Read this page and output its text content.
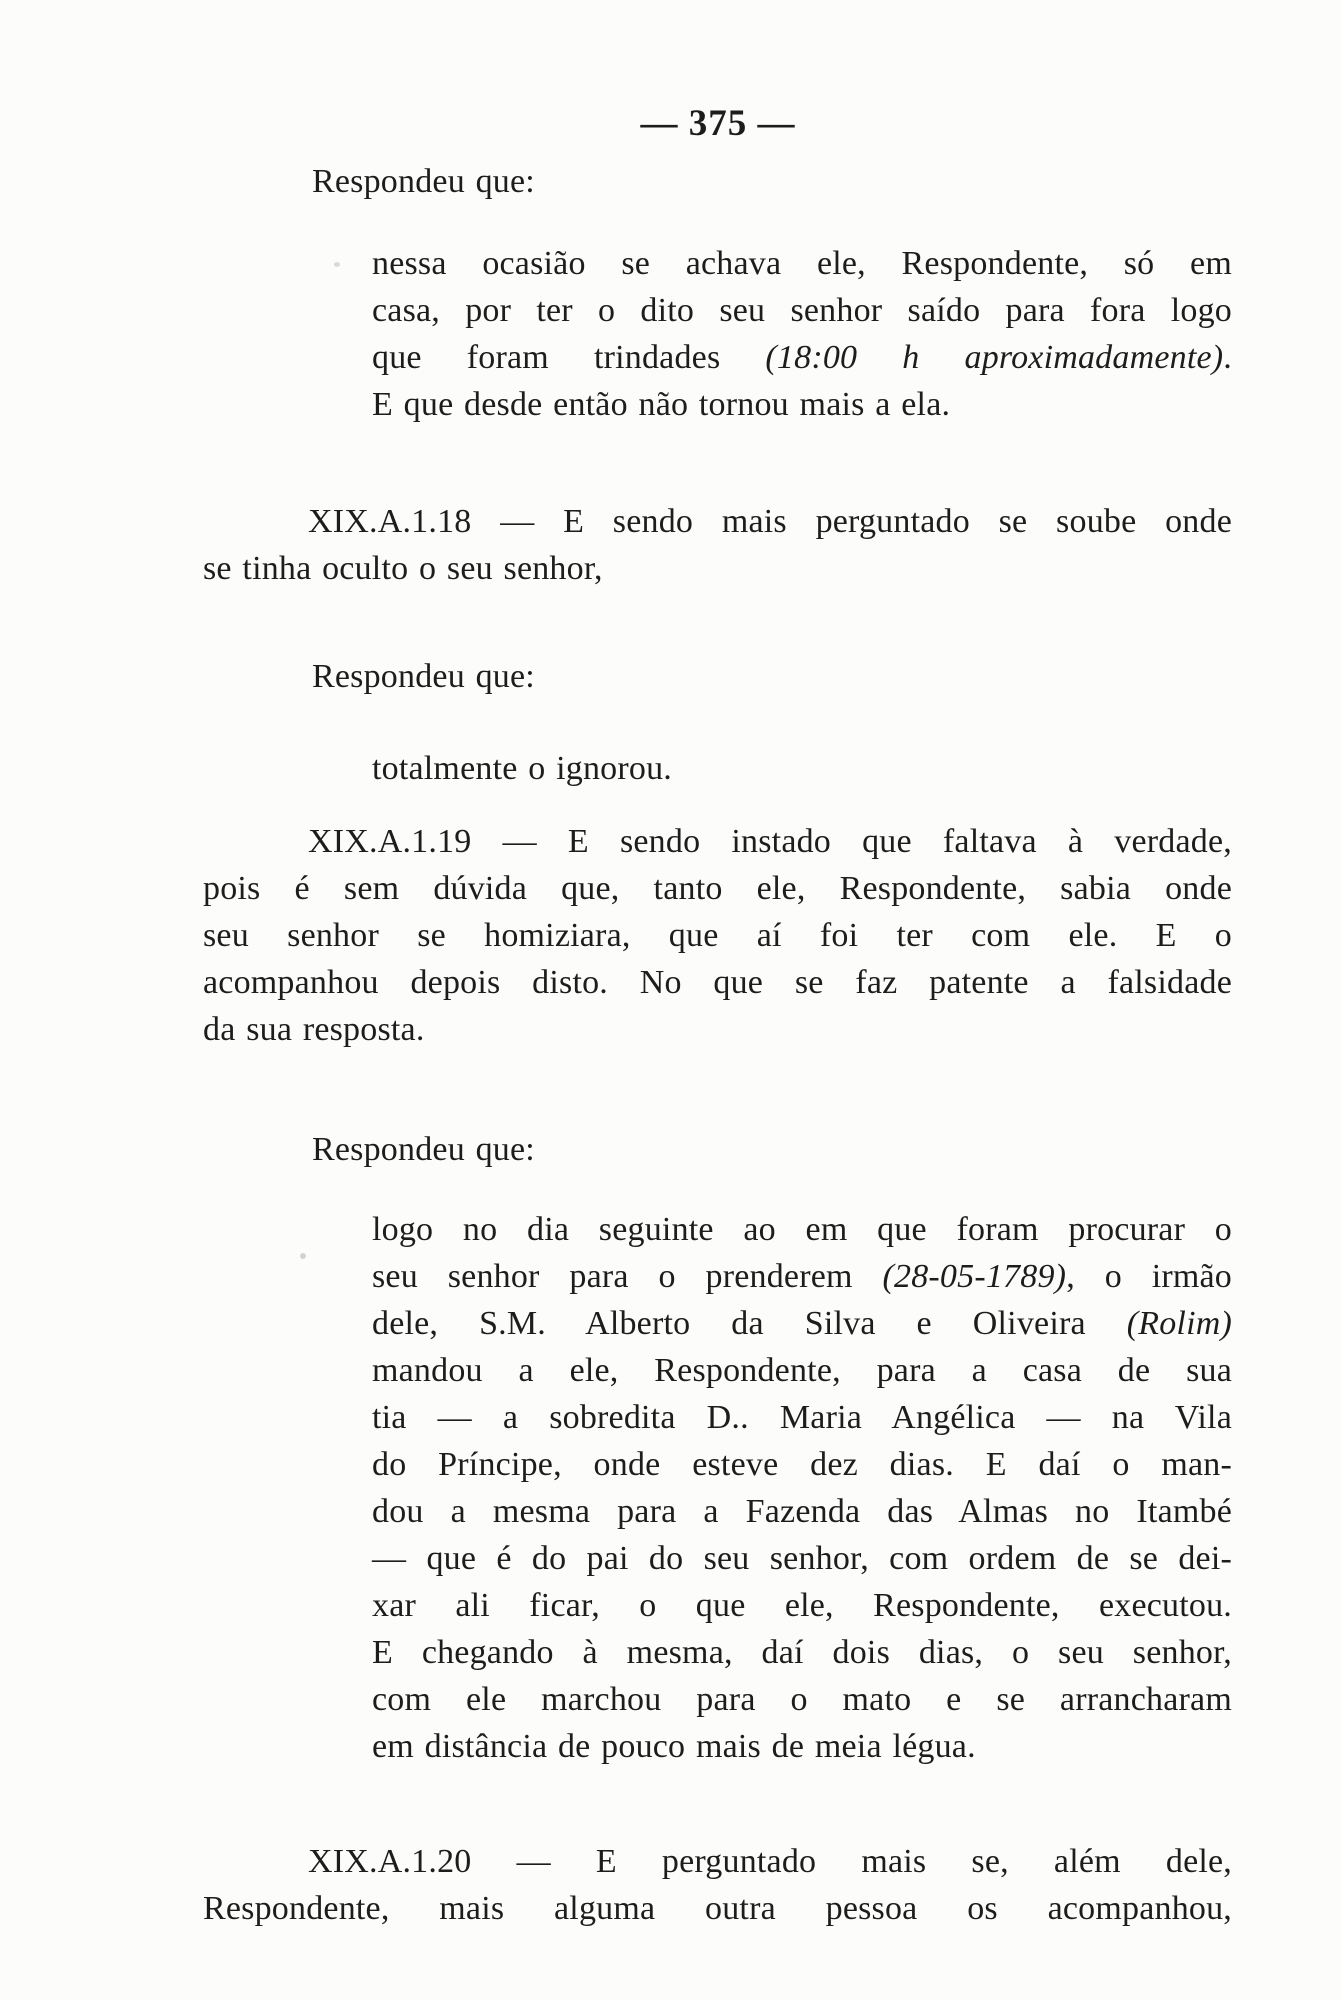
— 375 —
Respondeu que:
nessa ocasião se achava ele, Respondente, só em
casa, por ter o dito seu senhor saído para fora logo
que foram trindades (18:00 h aproximadamente).
E que desde então não tornou mais a ela.
XIX.A.1.18 — E sendo mais perguntado se soube onde
se tinha oculto o seu senhor,
Respondeu que:
totalmente o ignorou.
XIX.A.1.19 — E sendo instado que faltava à verdade,
pois é sem dúvida que, tanto ele, Respondente, sabia onde
seu senhor se homiziara, que aí foi ter com ele. E o
acompanhou depois disto. No que se faz patente a falsidade
da sua resposta.
Respondeu que:
logo no dia seguinte ao em que foram procurar o
seu senhor para o prenderem (28-05-1789), o irmão
dele, S.M. Alberto da Silva e Oliveira (Rolim)
mandou a ele, Respondente, para a casa de sua
tia — a sobredita D.. Maria Angélica — na Vila
do Príncipe, onde esteve dez dias. E daí o man-
dou a mesma para a Fazenda das Almas no Itambé
— que é do pai do seu senhor, com ordem de se dei-
xar ali ficar, o que ele, Respondente, executou.
E chegando à mesma, daí dois dias, o seu senhor,
com ele marchou para o mato e se arrancharam
em distância de pouco mais de meia légua.
XIX.A.1.20 — E perguntado mais se, além dele,
Respondente, mais alguma outra pessoa os acompanhou,
